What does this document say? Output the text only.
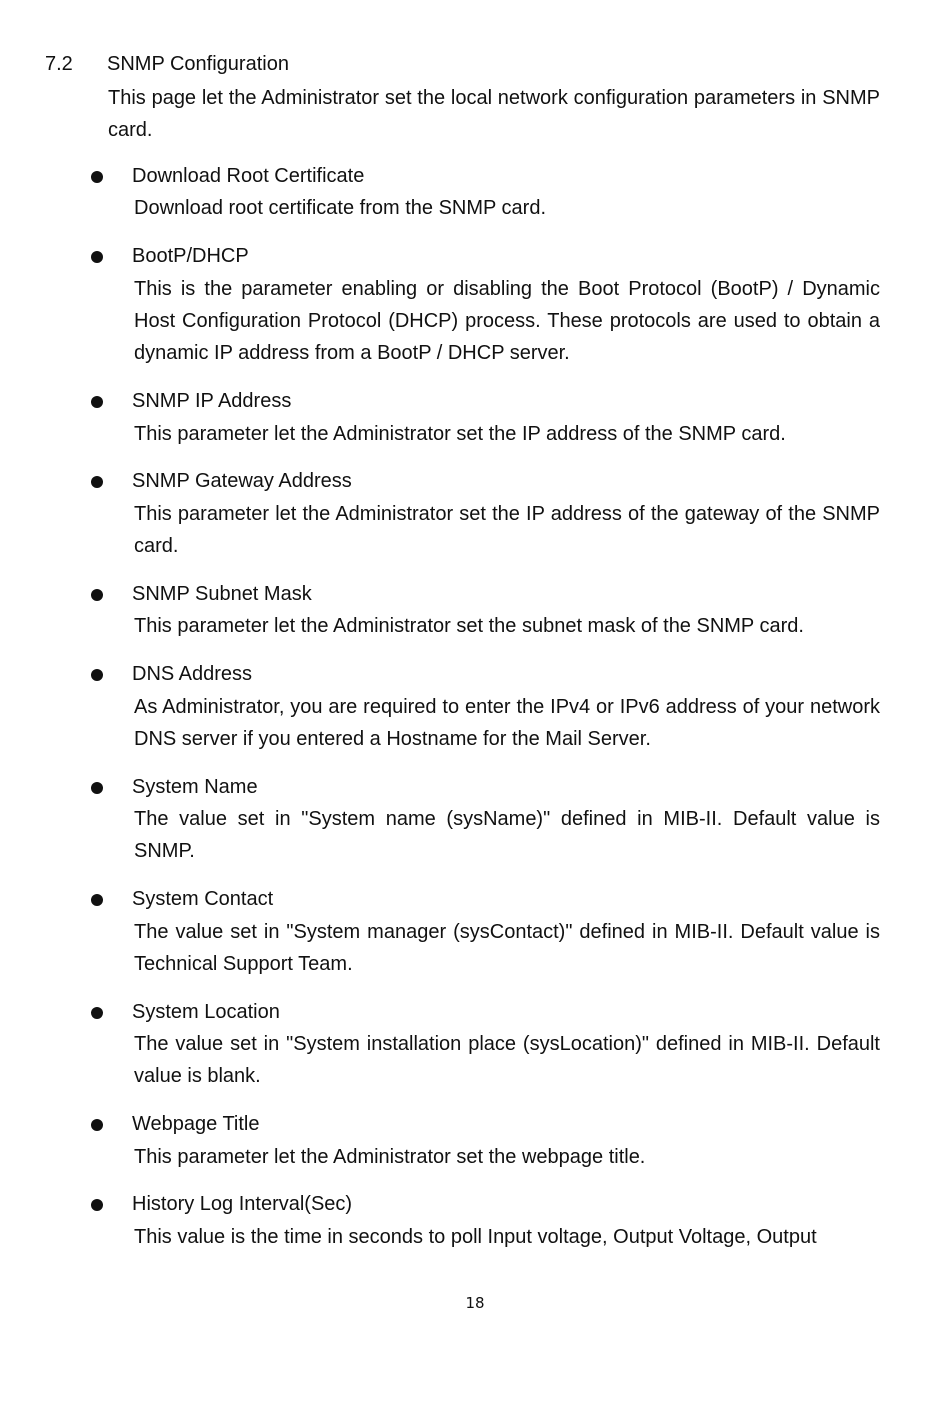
7.2 SNMP Configuration

This page let the Administrator set the local network configuration parameters in SNMP card.

Download Root Certificate

Download root certificate from the SNMP card.

BootP/DHCP

This is the parameter enabling or disabling the Boot Protocol (BootP) / Dynamic Host Configuration Protocol (DHCP) process. These protocols are used to obtain a dynamic IP address from a BootP / DHCP server.

SNMP IP Address

This parameter let the Administrator set the IP address of the SNMP card.

SNMP Gateway Address

This parameter let the Administrator set the IP address of the gateway of the SNMP card.

SNMP Subnet Mask

This parameter let the Administrator set the subnet mask of the SNMP card.

DNS Address

As Administrator, you are required to enter the IPv4 or IPv6 address of your network DNS server if you entered a Hostname for the Mail Server.

System Name

The value set in "System name (sysName)" defined in MIB-II. Default value is SNMP.

System Contact

The value set in "System manager (sysContact)" defined in MIB-II. Default value is Technical Support Team.

System Location

The value set in "System installation place (sysLocation)" defined in MIB-II. Default value is blank.

Webpage Title

This parameter let the Administrator set the webpage title.

History Log Interval(Sec)

This value is the time in seconds to poll Input voltage, Output Voltage, Output

18
